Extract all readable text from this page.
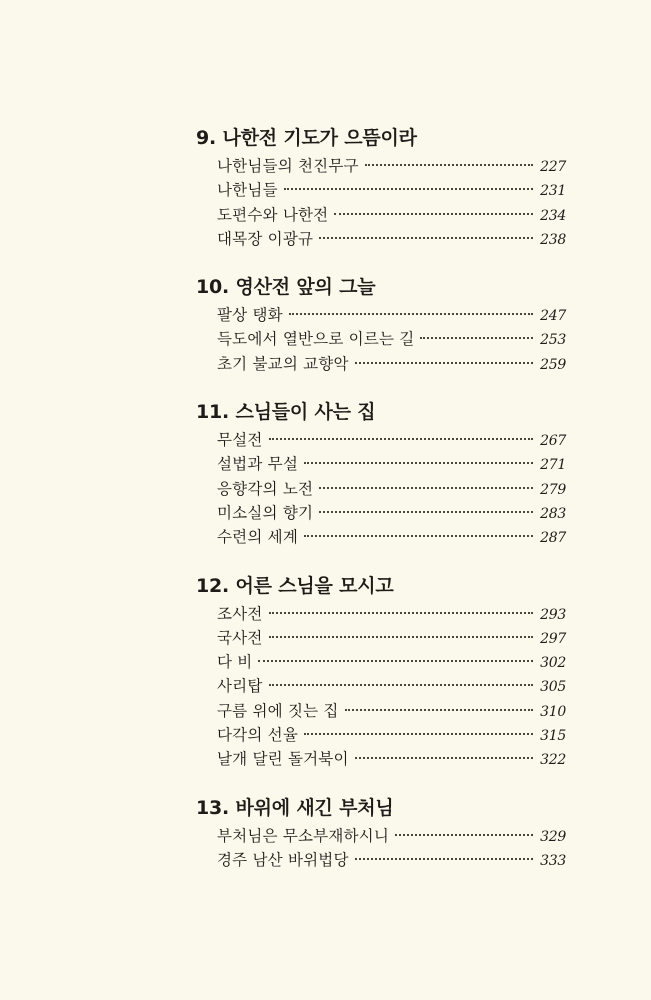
9. 나한전 기도가 으뜸이라
나한님들의 천진무구	227
나한님들	231
도편수와 나한전	234
대목장 이광규	238
10. 영산전 앞의 그늘
팔상 탱화	247
득도에서 열반으로 이르는 길	253
초기 불교의 교향악	259
11. 스님들이 사는 집
무설전	267
설법과 무설	271
응향각의 노전	279
미소실의 향기	283
수련의 세계	287
12. 어른 스님을 모시고
조사전	293
국사전	297
다 비	302
사리탑	305
구름 위에 짓는 집	310
다각의 선율	315
날개 달린 돌거북이	322
13. 바위에 새긴 부처님
부처님은 무소부재하시니	329
경주 남산 바위법당	333
